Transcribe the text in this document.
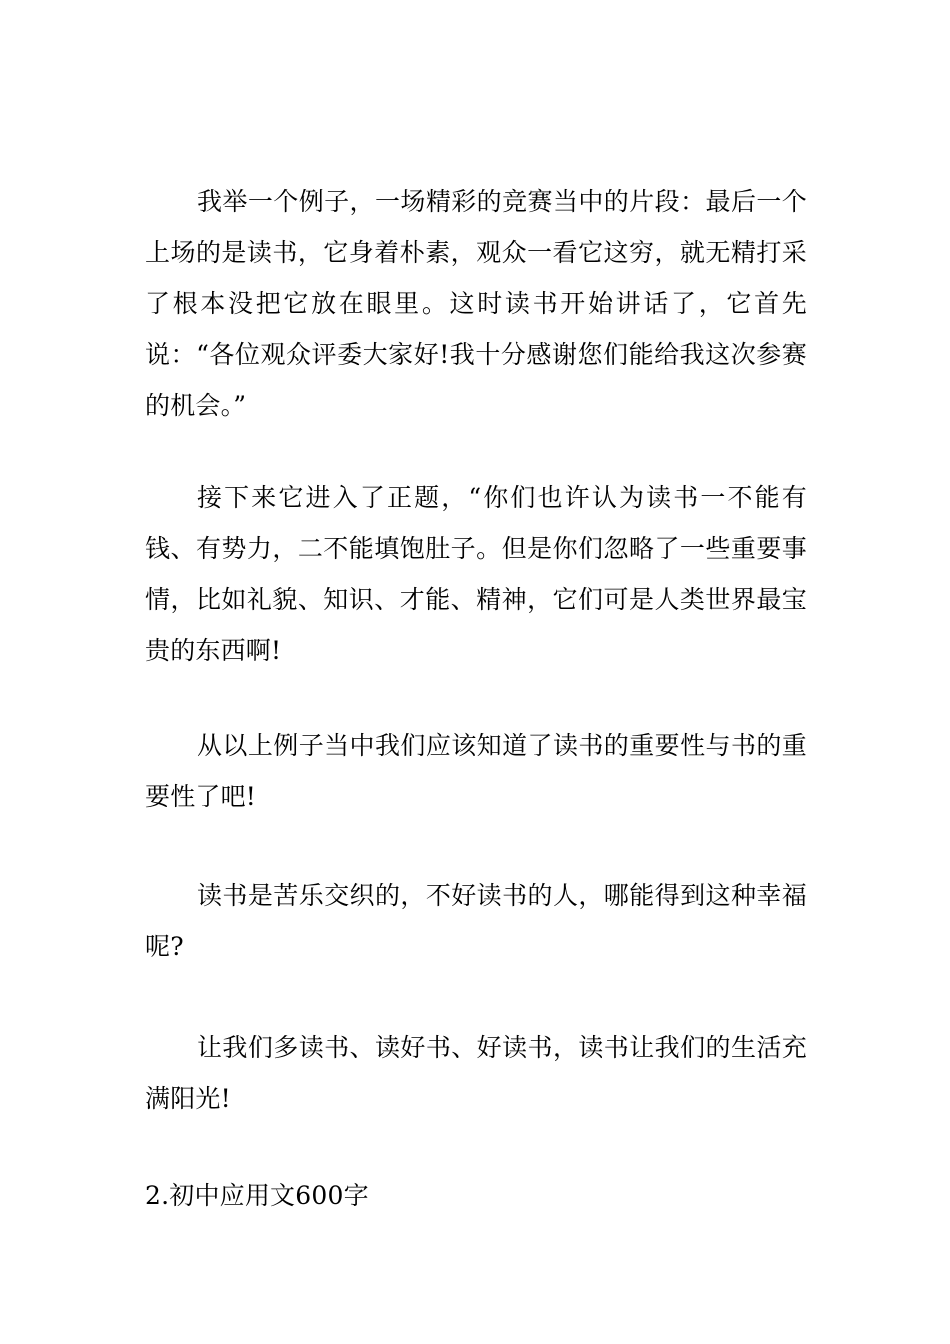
我举一个例子，一场精彩的竞赛当中的片段：最后一个上场的是读书，它身着朴素，观众一看它这穷，就无精打采了根本没把它放在眼里。这时读书开始讲话了，它首先说：“各位观众评委大家好!我十分感谢您们能给我这次参赛的机会。”

接下来它进入了正题，“你们也许认为读书一不能有钱、有势力，二不能填饱肚子。但是你们忽略了一些重要事情，比如礼貌、知识、才能、精神，它们可是人类世界最宝贵的东西啊!

从以上例子当中我们应该知道了读书的重要性与书的重要性了吧!

读书是苦乐交织的，不好读书的人，哪能得到这种幸福呢?

让我们多读书、读好书、好读书，读书让我们的生活充满阳光!

2.初中应用文600字
